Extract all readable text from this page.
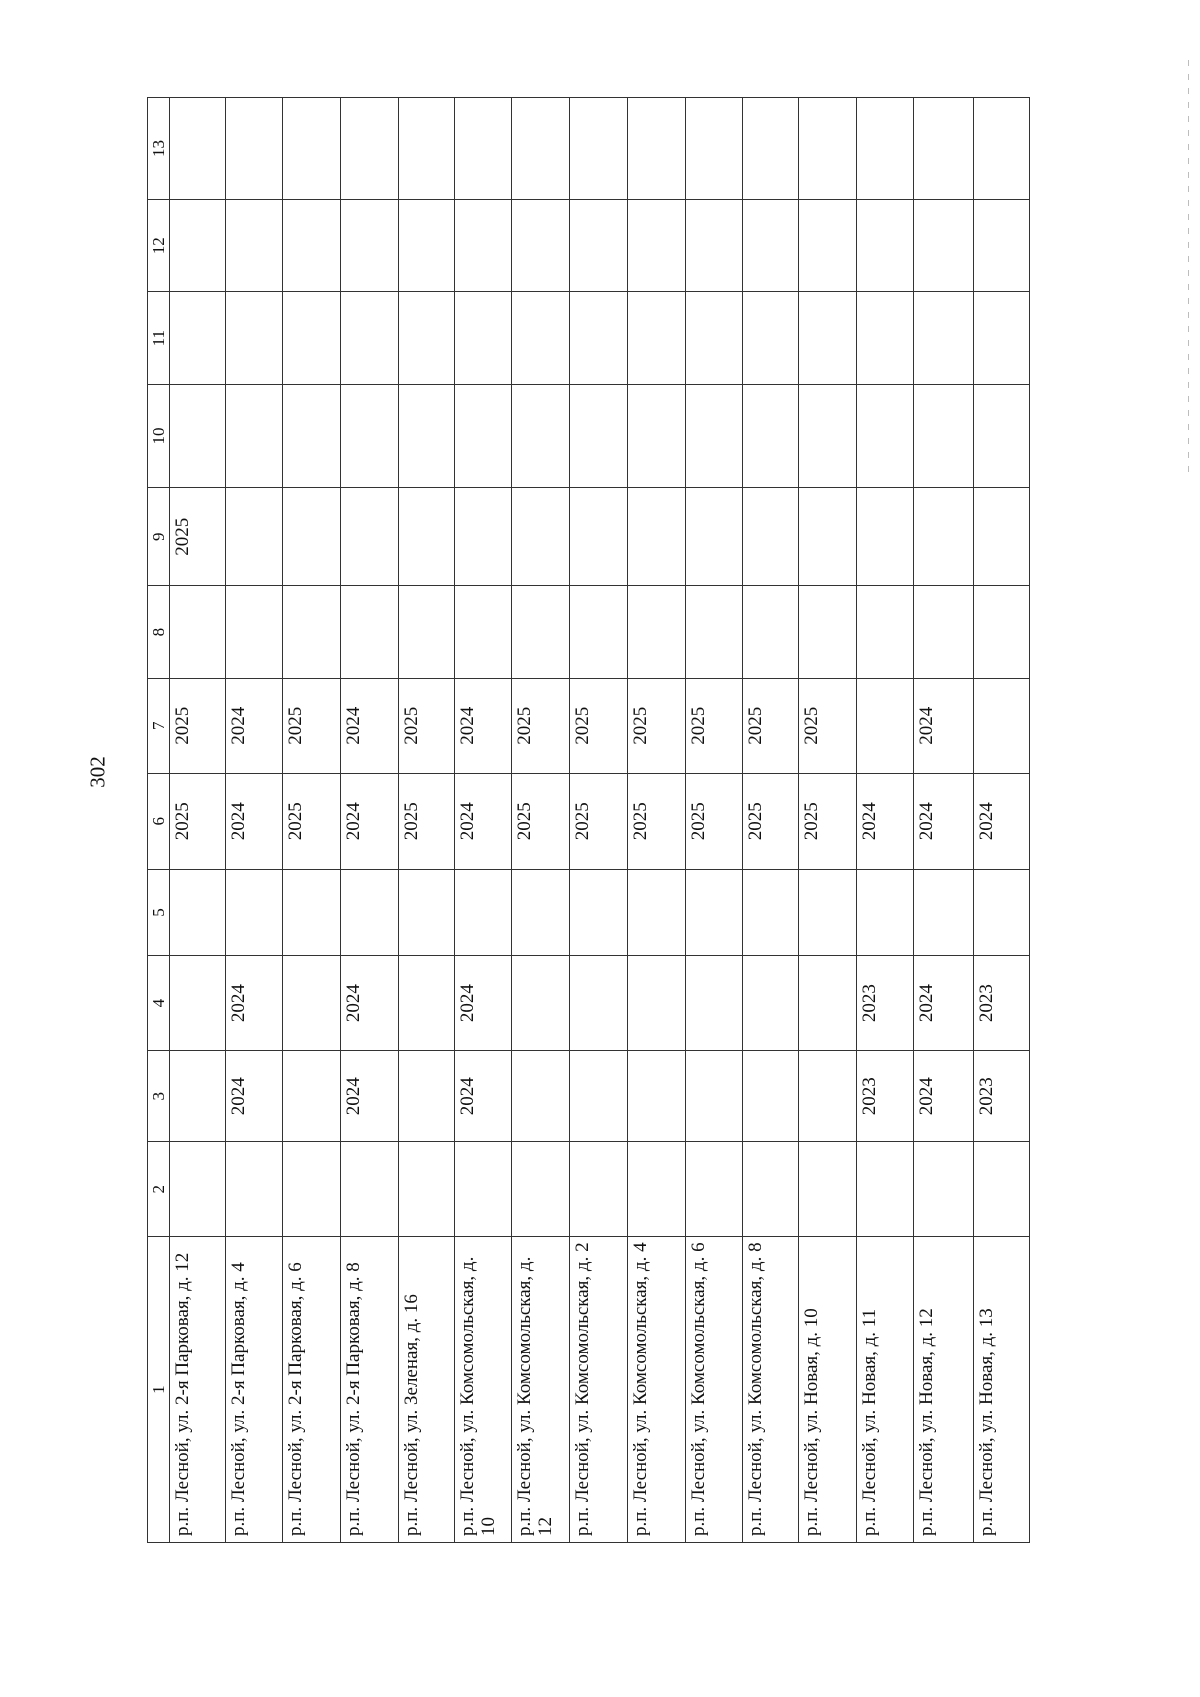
302
1	2	3	4	5	6	7	8	9	10	11	12	13
р.п. Лесной, ул. 2-я Парковая, д. 12					2025	2025		2025				
р.п. Лесной, ул. 2-я Парковая, д. 4		2024	2024		2024	2024						
р.п. Лесной, ул. 2-я Парковая, д. 6					2025	2025						
р.п. Лесной, ул. 2-я Парковая, д. 8		2024	2024		2024	2024						
р.п. Лесной, ул. Зеленая, д. 16					2025	2025						
р.п. Лесной, ул. Комсомольская, д. 10		2024	2024		2024	2024						
р.п. Лесной, ул. Комсомольская, д. 12					2025	2025						
р.п. Лесной, ул. Комсомольская, д. 2					2025	2025						
р.п. Лесной, ул. Комсомольская, д. 4					2025	2025						
р.п. Лесной, ул. Комсомольская, д. 6					2025	2025						
р.п. Лесной, ул. Комсомольская, д. 8					2025	2025						
р.п. Лесной, ул. Новая, д. 10					2025	2025						
р.п. Лесной, ул. Новая, д. 11		2023	2023		2024							
р.п. Лесной, ул. Новая, д. 12		2024	2024		2024	2024						
р.п. Лесной, ул. Новая, д. 13		2023	2023		2024							
